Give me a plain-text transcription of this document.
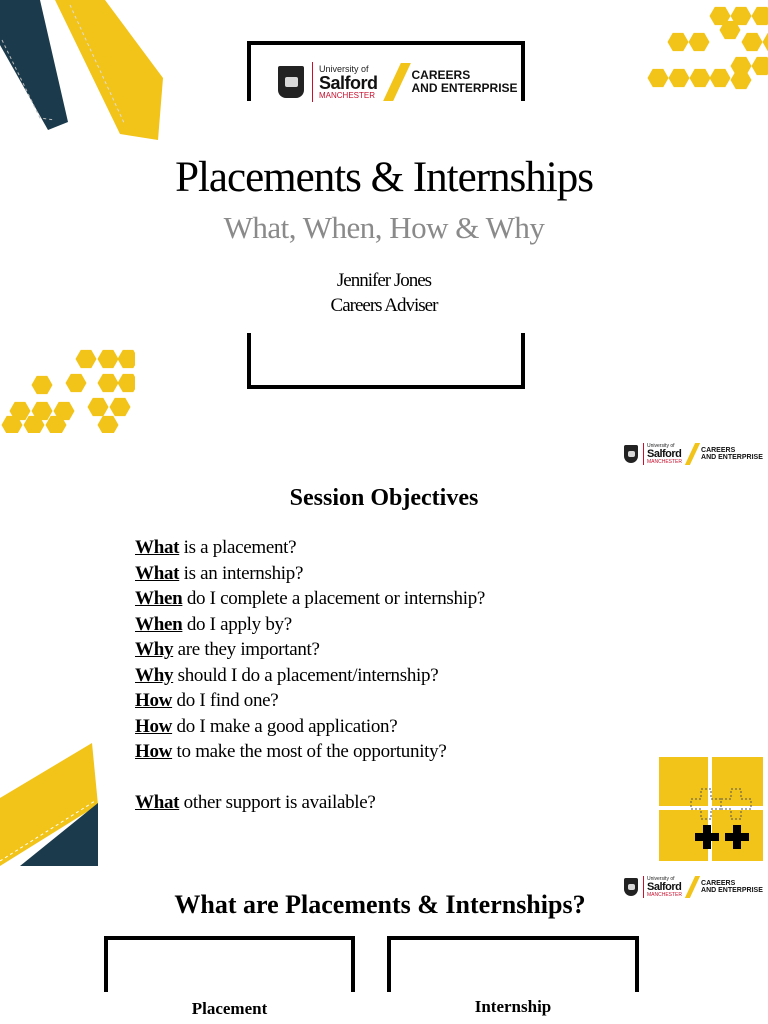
University of
Salford
MANCHESTER
CAREERS
AND ENTERPRISE
Placements & Internships
What, When, How & Why
Jennifer Jones
Careers Adviser
University of
Salford
MANCHESTER
CAREERS
AND ENTERPRISE
Session Objectives
What is a placement?
What is an internship?
When do I complete a placement or internship?
When do I apply by?
Why are they important?
Why should I do a placement/internship?
How do I find one?
How do I make a good application?
How to make the most of the opportunity?
What other support is available?
University of
Salford
MANCHESTER
CAREERS
AND ENTERPRISE
What are Placements & Internships?
Placement	Internship
